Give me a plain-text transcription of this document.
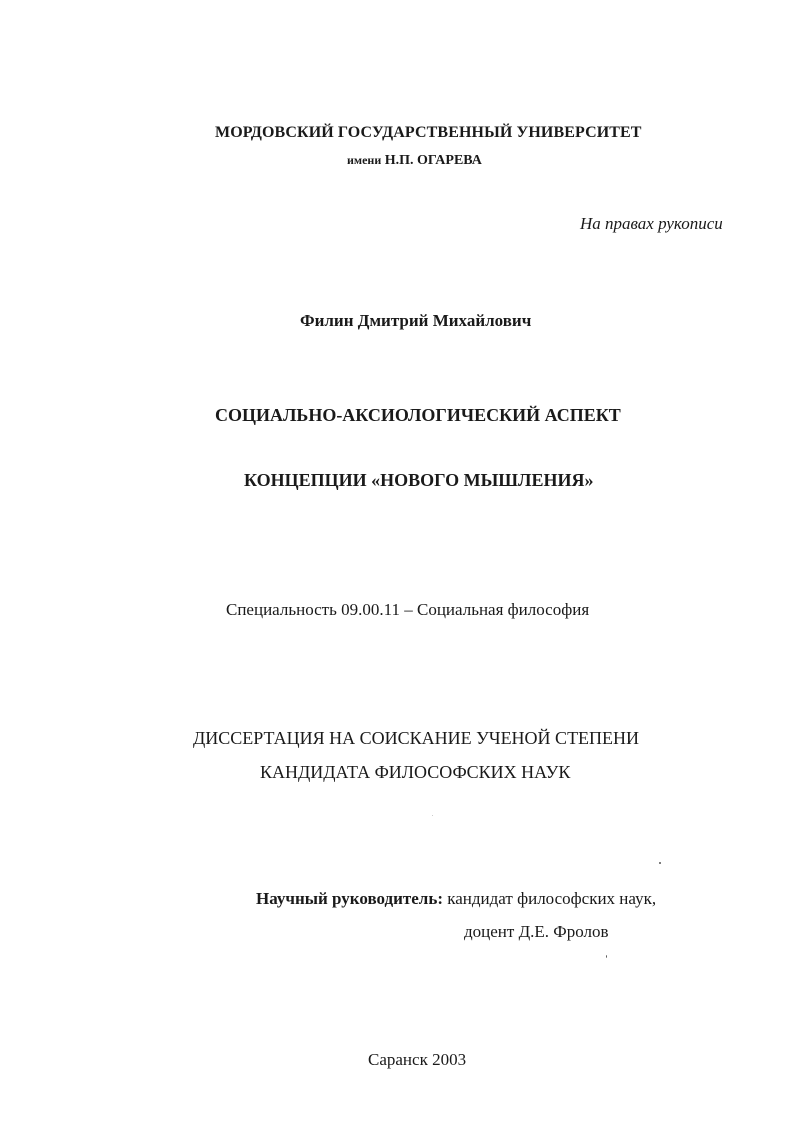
МОРДОВСКИЙ ГОСУДАРСТВЕННЫЙ УНИВЕРСИТЕТ
имени Н.П. ОГАРЕВА
На правах рукописи
Филин Дмитрий Михайлович
СОЦИАЛЬНО-АКСИОЛОГИЧЕСКИЙ АСПЕКТ
КОНЦЕПЦИИ «НОВОГО МЫШЛЕНИЯ»
Специальность 09.00.11 – Социальная философия
ДИССЕРТАЦИЯ НА СОИСКАНИЕ УЧЕНОЙ СТЕПЕНИ
КАНДИДАТА ФИЛОСОФСКИХ НАУК
Научный руководитель: кандидат философских наук,
доцент Д.Е. Фролов
Саранск 2003
